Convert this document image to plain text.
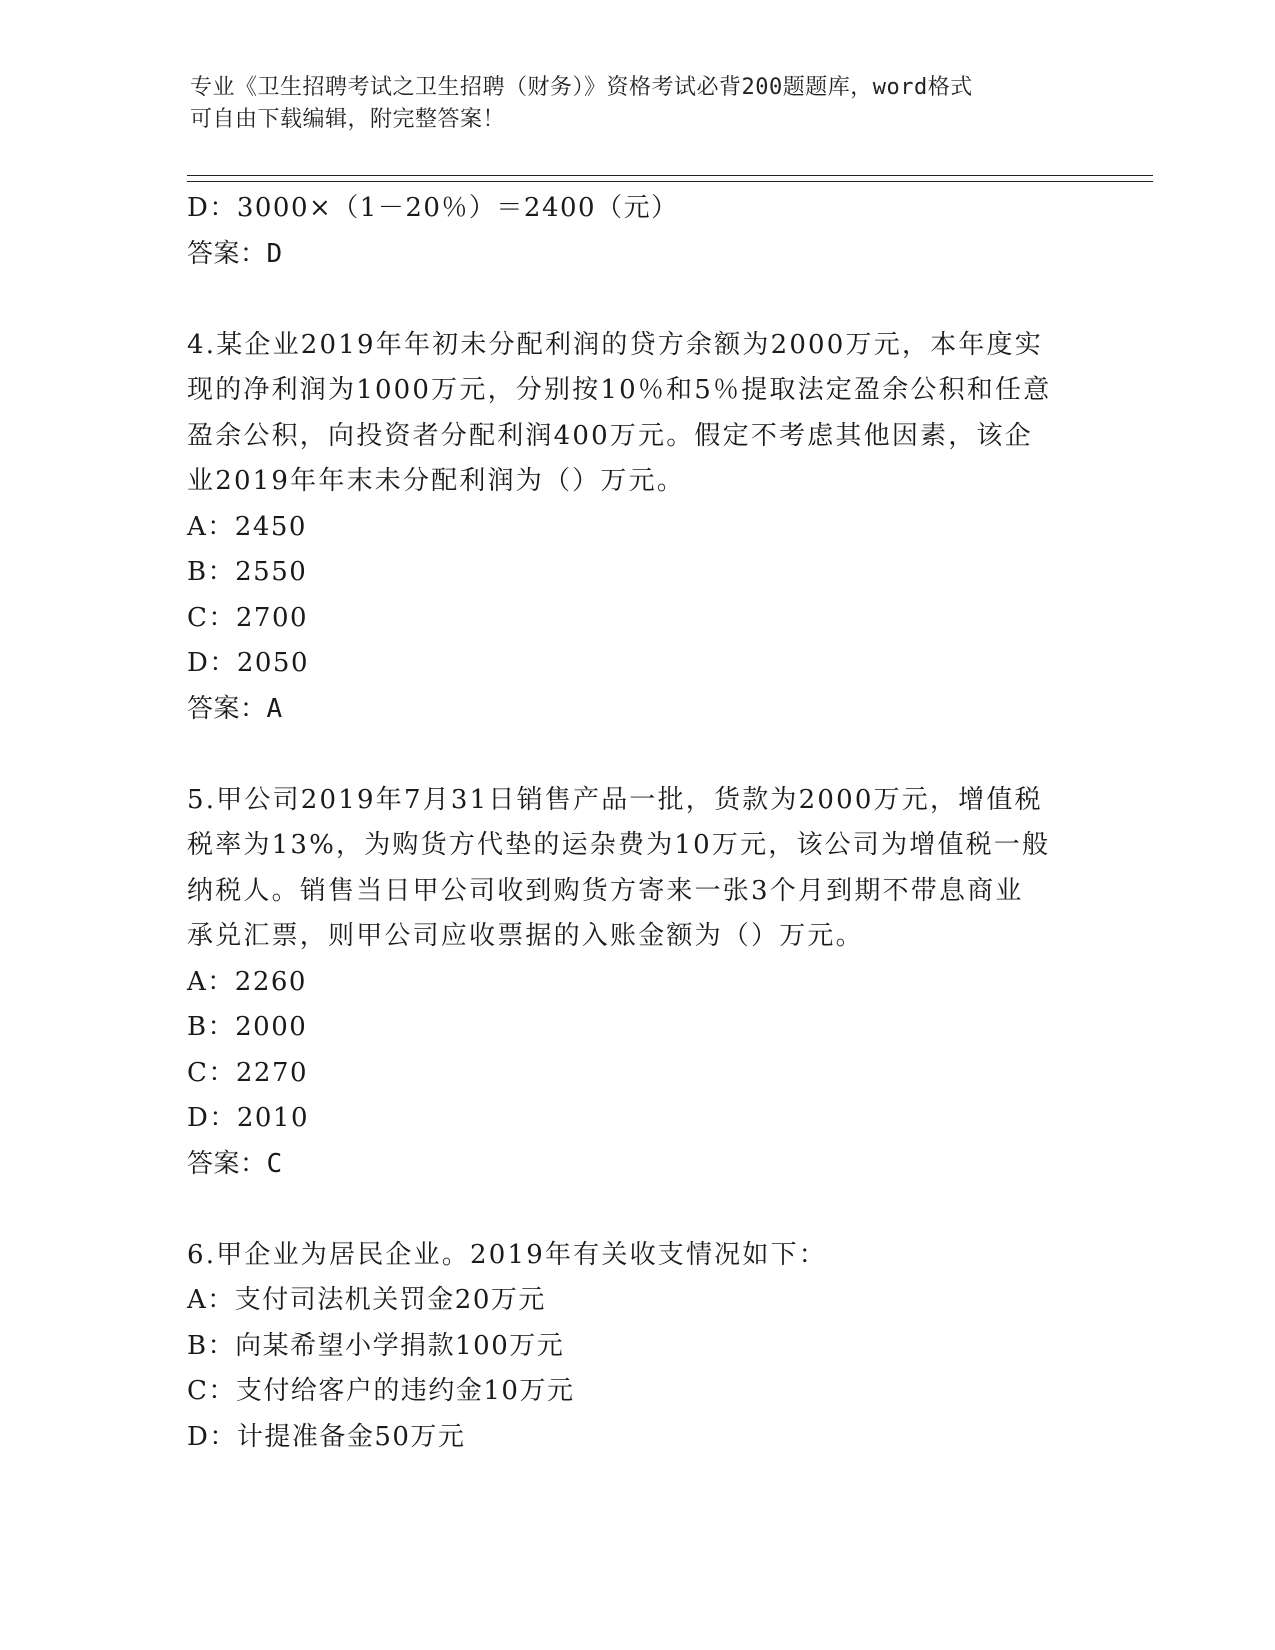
专业《卫生招聘考试之卫生招聘（财务）》资格考试必背200题题库，word格式
可自由下载编辑，附完整答案！
D：3000×（1－20％）＝2400（元）
答案：D
4.某企业2019年年初未分配利润的贷方余额为2000万元，本年度实
现的净利润为1000万元，分别按10％和5％提取法定盈余公积和任意
盈余公积，向投资者分配利润400万元。假定不考虑其他因素，该企
业2019年年末未分配利润为（）万元。
A：2450
B：2550
C：2700
D：2050
答案：A
5.甲公司2019年7月31日销售产品一批，货款为2000万元，增值税
税率为13%，为购货方代垫的运杂费为10万元，该公司为增值税一般
纳税人。销售当日甲公司收到购货方寄来一张3个月到期不带息商业
承兑汇票，则甲公司应收票据的入账金额为（）万元。
A：2260
B：2000
C：2270
D：2010
答案：C
6.甲企业为居民企业。2019年有关收支情况如下：
A：支付司法机关罚金20万元
B：向某希望小学捐款100万元
C：支付给客户的违约金10万元
D：计提准备金50万元
